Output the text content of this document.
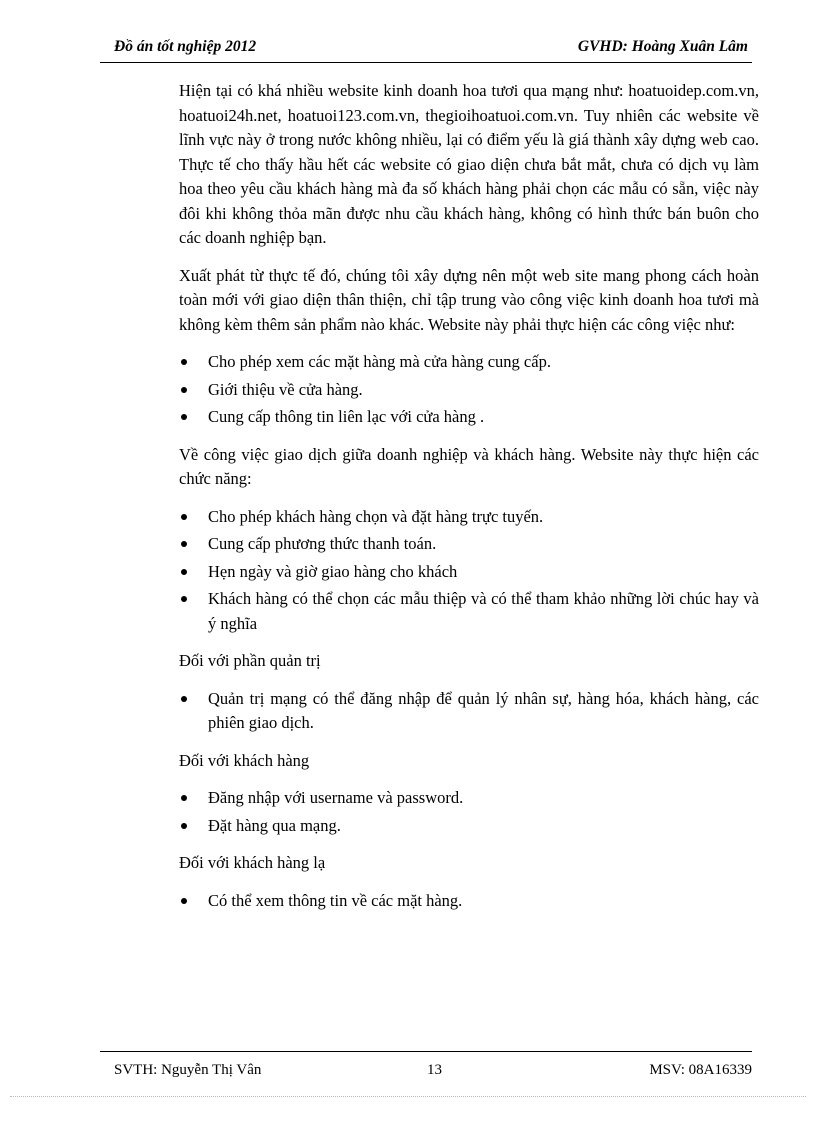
Đồ án tốt nghiệp 2012	GVHD: Hoàng Xuân Lâm

Hiện tại có khá nhiều website kinh doanh hoa tươi qua mạng như: hoatuoidep.com.vn, hoatuoi24h.net, hoatuoi123.com.vn, thegioihoatuoi.com.vn. Tuy nhiên các website về lĩnh vực này ở trong nước không nhiều, lại có điểm yếu là giá thành xây dựng web cao. Thực tế cho thấy hầu hết các website có giao diện chưa bắt mắt, chưa có dịch vụ làm hoa theo yêu cầu khách hàng mà đa số khách hàng phải chọn các mẫu có sẵn, việc này đôi khi không thỏa mãn được nhu cầu khách hàng, không có hình thức bán buôn cho các doanh nghiệp bạn.

Xuất phát từ thực tế đó, chúng tôi xây dựng nên một web site mang phong cách hoàn toàn mới với giao diện thân thiện, chỉ tập trung vào công việc kinh doanh hoa tươi mà không kèm thêm sản phẩm nào khác. Website này phải thực hiện các công việc như:

Cho phép xem các mặt hàng mà cửa hàng cung cấp.
Giới thiệu về cửa hàng.
Cung cấp thông tin liên lạc với cửa hàng .

Về công việc giao dịch giữa doanh nghiệp và khách hàng. Website này thực hiện các chức năng:

Cho phép khách hàng chọn và đặt hàng trực tuyến.
Cung cấp phương thức thanh toán.
Hẹn ngày và giờ giao hàng cho khách
Khách hàng có thể chọn các mẫu thiệp và có thể tham khảo những lời chúc hay và ý nghĩa

Đối với phần quản trị

Quản trị mạng có thể đăng nhập để quản lý nhân sự, hàng hóa, khách hàng, các phiên giao dịch.

Đối với khách hàng

Đăng nhập với username và password.
Đặt hàng qua mạng.

Đối với khách hàng lạ

Có thể xem thông tin về các mặt hàng.
SVTH: Nguyễn Thị Vân	13	MSV: 08A16339
